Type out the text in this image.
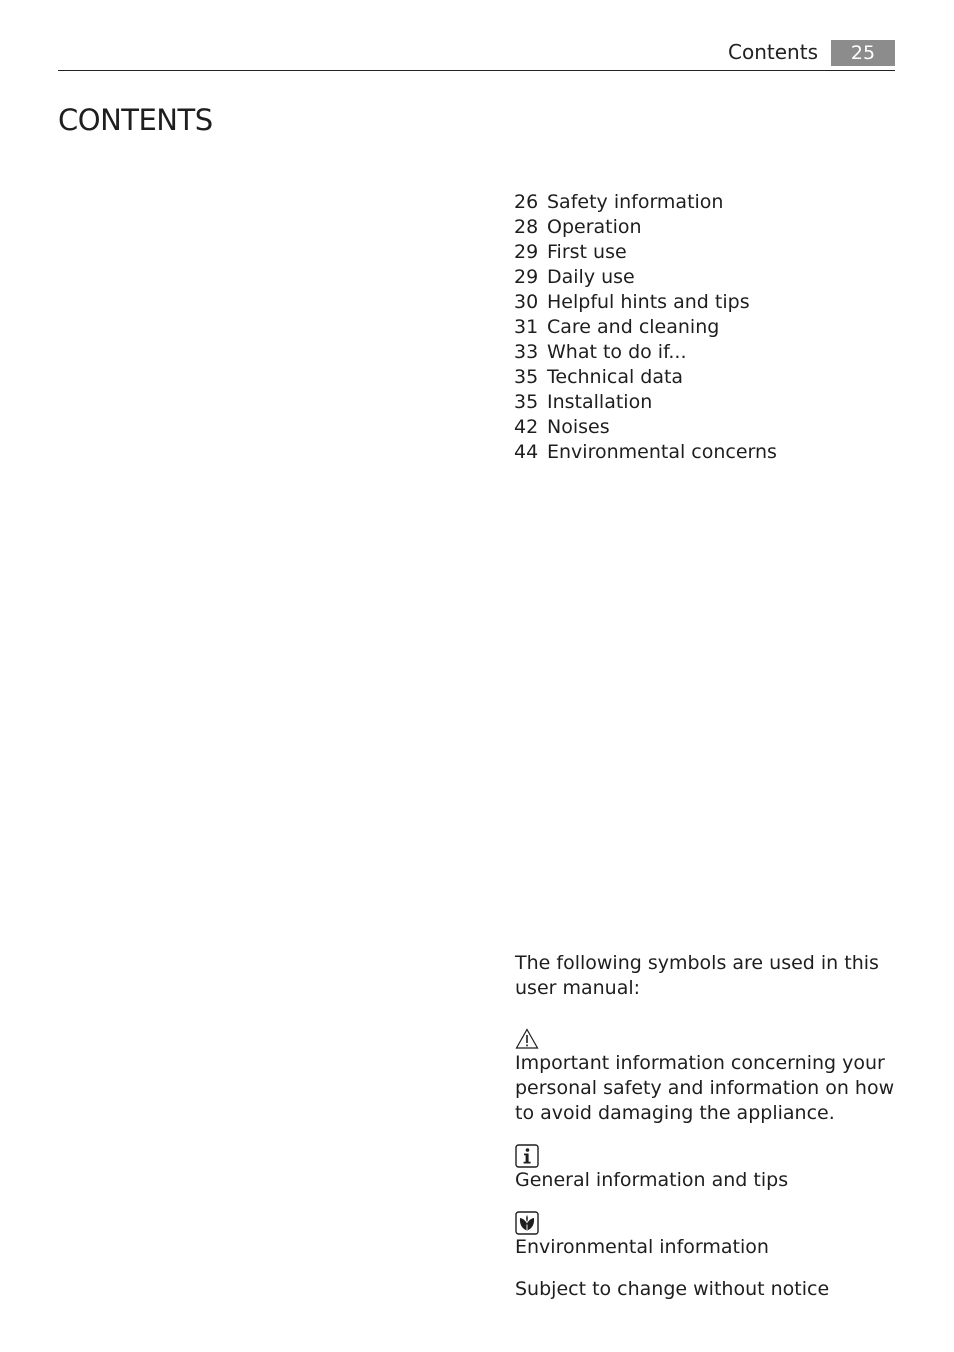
Contents	25
CONTENTS
26 Safety information
28 Operation
29 First use
29 Daily use
30 Helpful hints and tips
31 Care and cleaning
33 What to do if...
35 Technical data
35 Installation
42 Noises
44 Environmental concerns

The following symbols are used in this user manual:

Important information concerning your personal safety and information on how to avoid damaging the appliance.

General information and tips

Environmental information

Subject to change without notice
